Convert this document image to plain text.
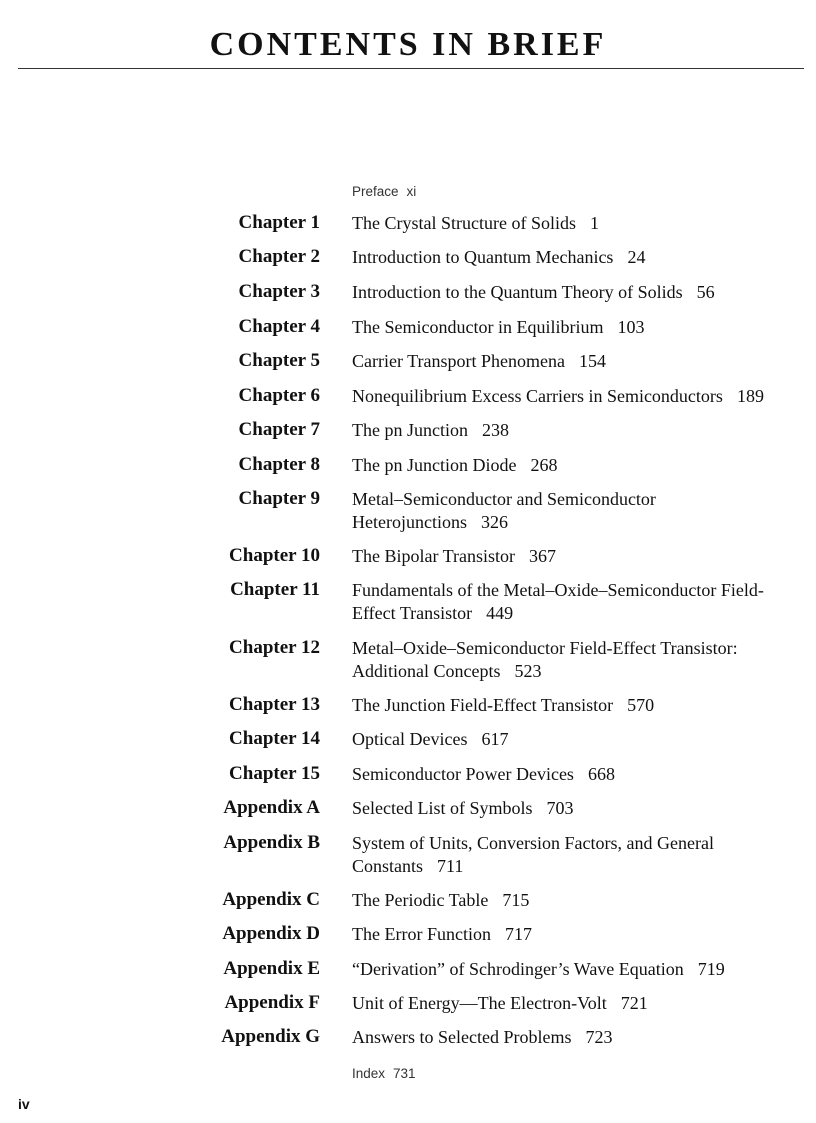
CONTENTS IN BRIEF
Preface xi
Chapter 1 The Crystal Structure of Solids 1
Chapter 2 Introduction to Quantum Mechanics 24
Chapter 3 Introduction to the Quantum Theory of Solids 56
Chapter 4 The Semiconductor in Equilibrium 103
Chapter 5 Carrier Transport Phenomena 154
Chapter 6 Nonequilibrium Excess Carriers in Semiconductors 189
Chapter 7 The pn Junction 238
Chapter 8 The pn Junction Diode 268
Chapter 9 Metal–Semiconductor and Semiconductor Heterojunctions 326
Chapter 10 The Bipolar Transistor 367
Chapter 11 Fundamentals of the Metal–Oxide–Semiconductor Field-Effect Transistor 449
Chapter 12 Metal–Oxide–Semiconductor Field-Effect Transistor: Additional Concepts 523
Chapter 13 The Junction Field-Effect Transistor 570
Chapter 14 Optical Devices 617
Chapter 15 Semiconductor Power Devices 668
Appendix A Selected List of Symbols 703
Appendix B System of Units, Conversion Factors, and General Constants 711
Appendix C The Periodic Table 715
Appendix D The Error Function 717
Appendix E “Derivation” of Schrodinger’s Wave Equation 719
Appendix F Unit of Energy—The Electron-Volt 721
Appendix G Answers to Selected Problems 723
Index 731
iv
